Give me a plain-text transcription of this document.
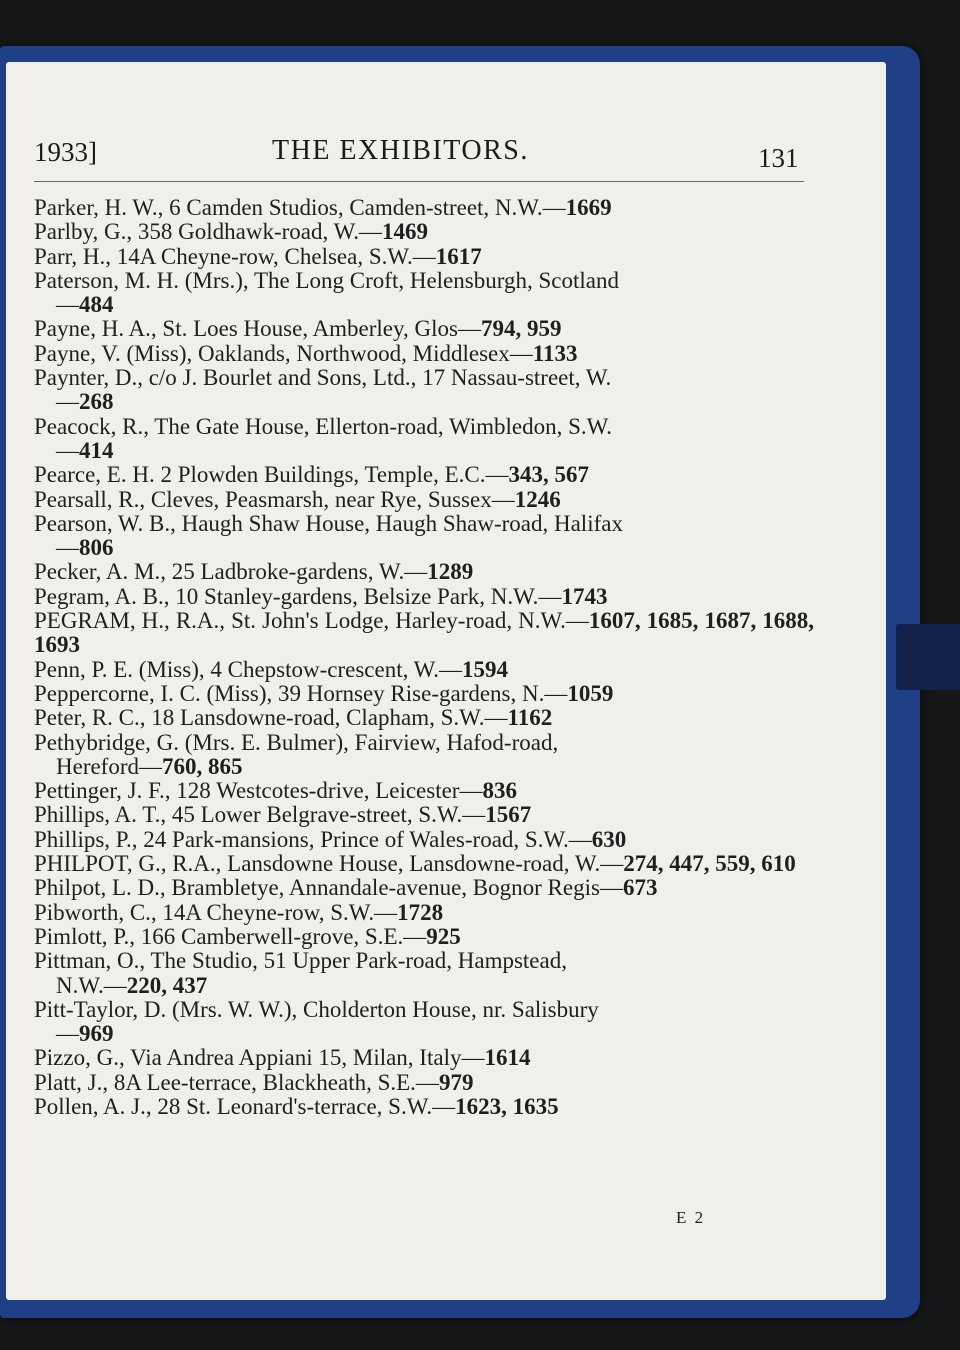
1933]	THE EXHIBITORS.	131
Parker, H. W., 6 Camden Studios, Camden-street, N.W.—1669
Parlby, G., 358 Goldhawk-road, W.—1469
Parr, H., 14A Cheyne-row, Chelsea, S.W.—1617
Paterson, M. H. (Mrs.), The Long Croft, Helensburgh, Scotland
—484
Payne, H. A., St. Loes House, Amberley, Glos—794, 959
Payne, V. (Miss), Oaklands, Northwood, Middlesex—1133
Paynter, D., c/o J. Bourlet and Sons, Ltd., 17 Nassau-street, W.
—268
Peacock, R., The Gate House, Ellerton-road, Wimbledon, S.W.
—414
Pearce, E. H. 2 Plowden Buildings, Temple, E.C.—343, 567
Pearsall, R., Cleves, Peasmarsh, near Rye, Sussex—1246
Pearson, W. B., Haugh Shaw House, Haugh Shaw-road, Halifax
—806
Pecker, A. M., 25 Ladbroke-gardens, W.—1289
Pegram, A. B., 10 Stanley-gardens, Belsize Park, N.W.—1743
PEGRAM, H., R.A., St. John's Lodge, Harley-road, N.W.—1607, 1685, 1687, 1688, 1693
Penn, P. E. (Miss), 4 Chepstow-crescent, W.—1594
Peppercorne, I. C. (Miss), 39 Hornsey Rise-gardens, N.—1059
Peter, R. C., 18 Lansdowne-road, Clapham, S.W.—1162
Pethybridge, G. (Mrs. E. Bulmer), Fairview, Hafod-road,
Hereford—760, 865
Pettinger, J. F., 128 Westcotes-drive, Leicester—836
Phillips, A. T., 45 Lower Belgrave-street, S.W.—1567
Phillips, P., 24 Park-mansions, Prince of Wales-road, S.W.—630
PHILPOT, G., R.A., Lansdowne House, Lansdowne-road, W.—274, 447, 559, 610
Philpot, L. D., Brambletye, Annandale-avenue, Bognor Regis—673
Pibworth, C., 14A Cheyne-row, S.W.—1728
Pimlott, P., 166 Camberwell-grove, S.E.—925
Pittman, O., The Studio, 51 Upper Park-road, Hampstead,
N.W.—220, 437
Pitt-Taylor, D. (Mrs. W. W.), Cholderton House, nr. Salisbury
—969
Pizzo, G., Via Andrea Appiani 15, Milan, Italy—1614
Platt, J., 8A Lee-terrace, Blackheath, S.E.—979
Pollen, A. J., 28 St. Leonard's-terrace, S.W.—1623, 1635
E 2
